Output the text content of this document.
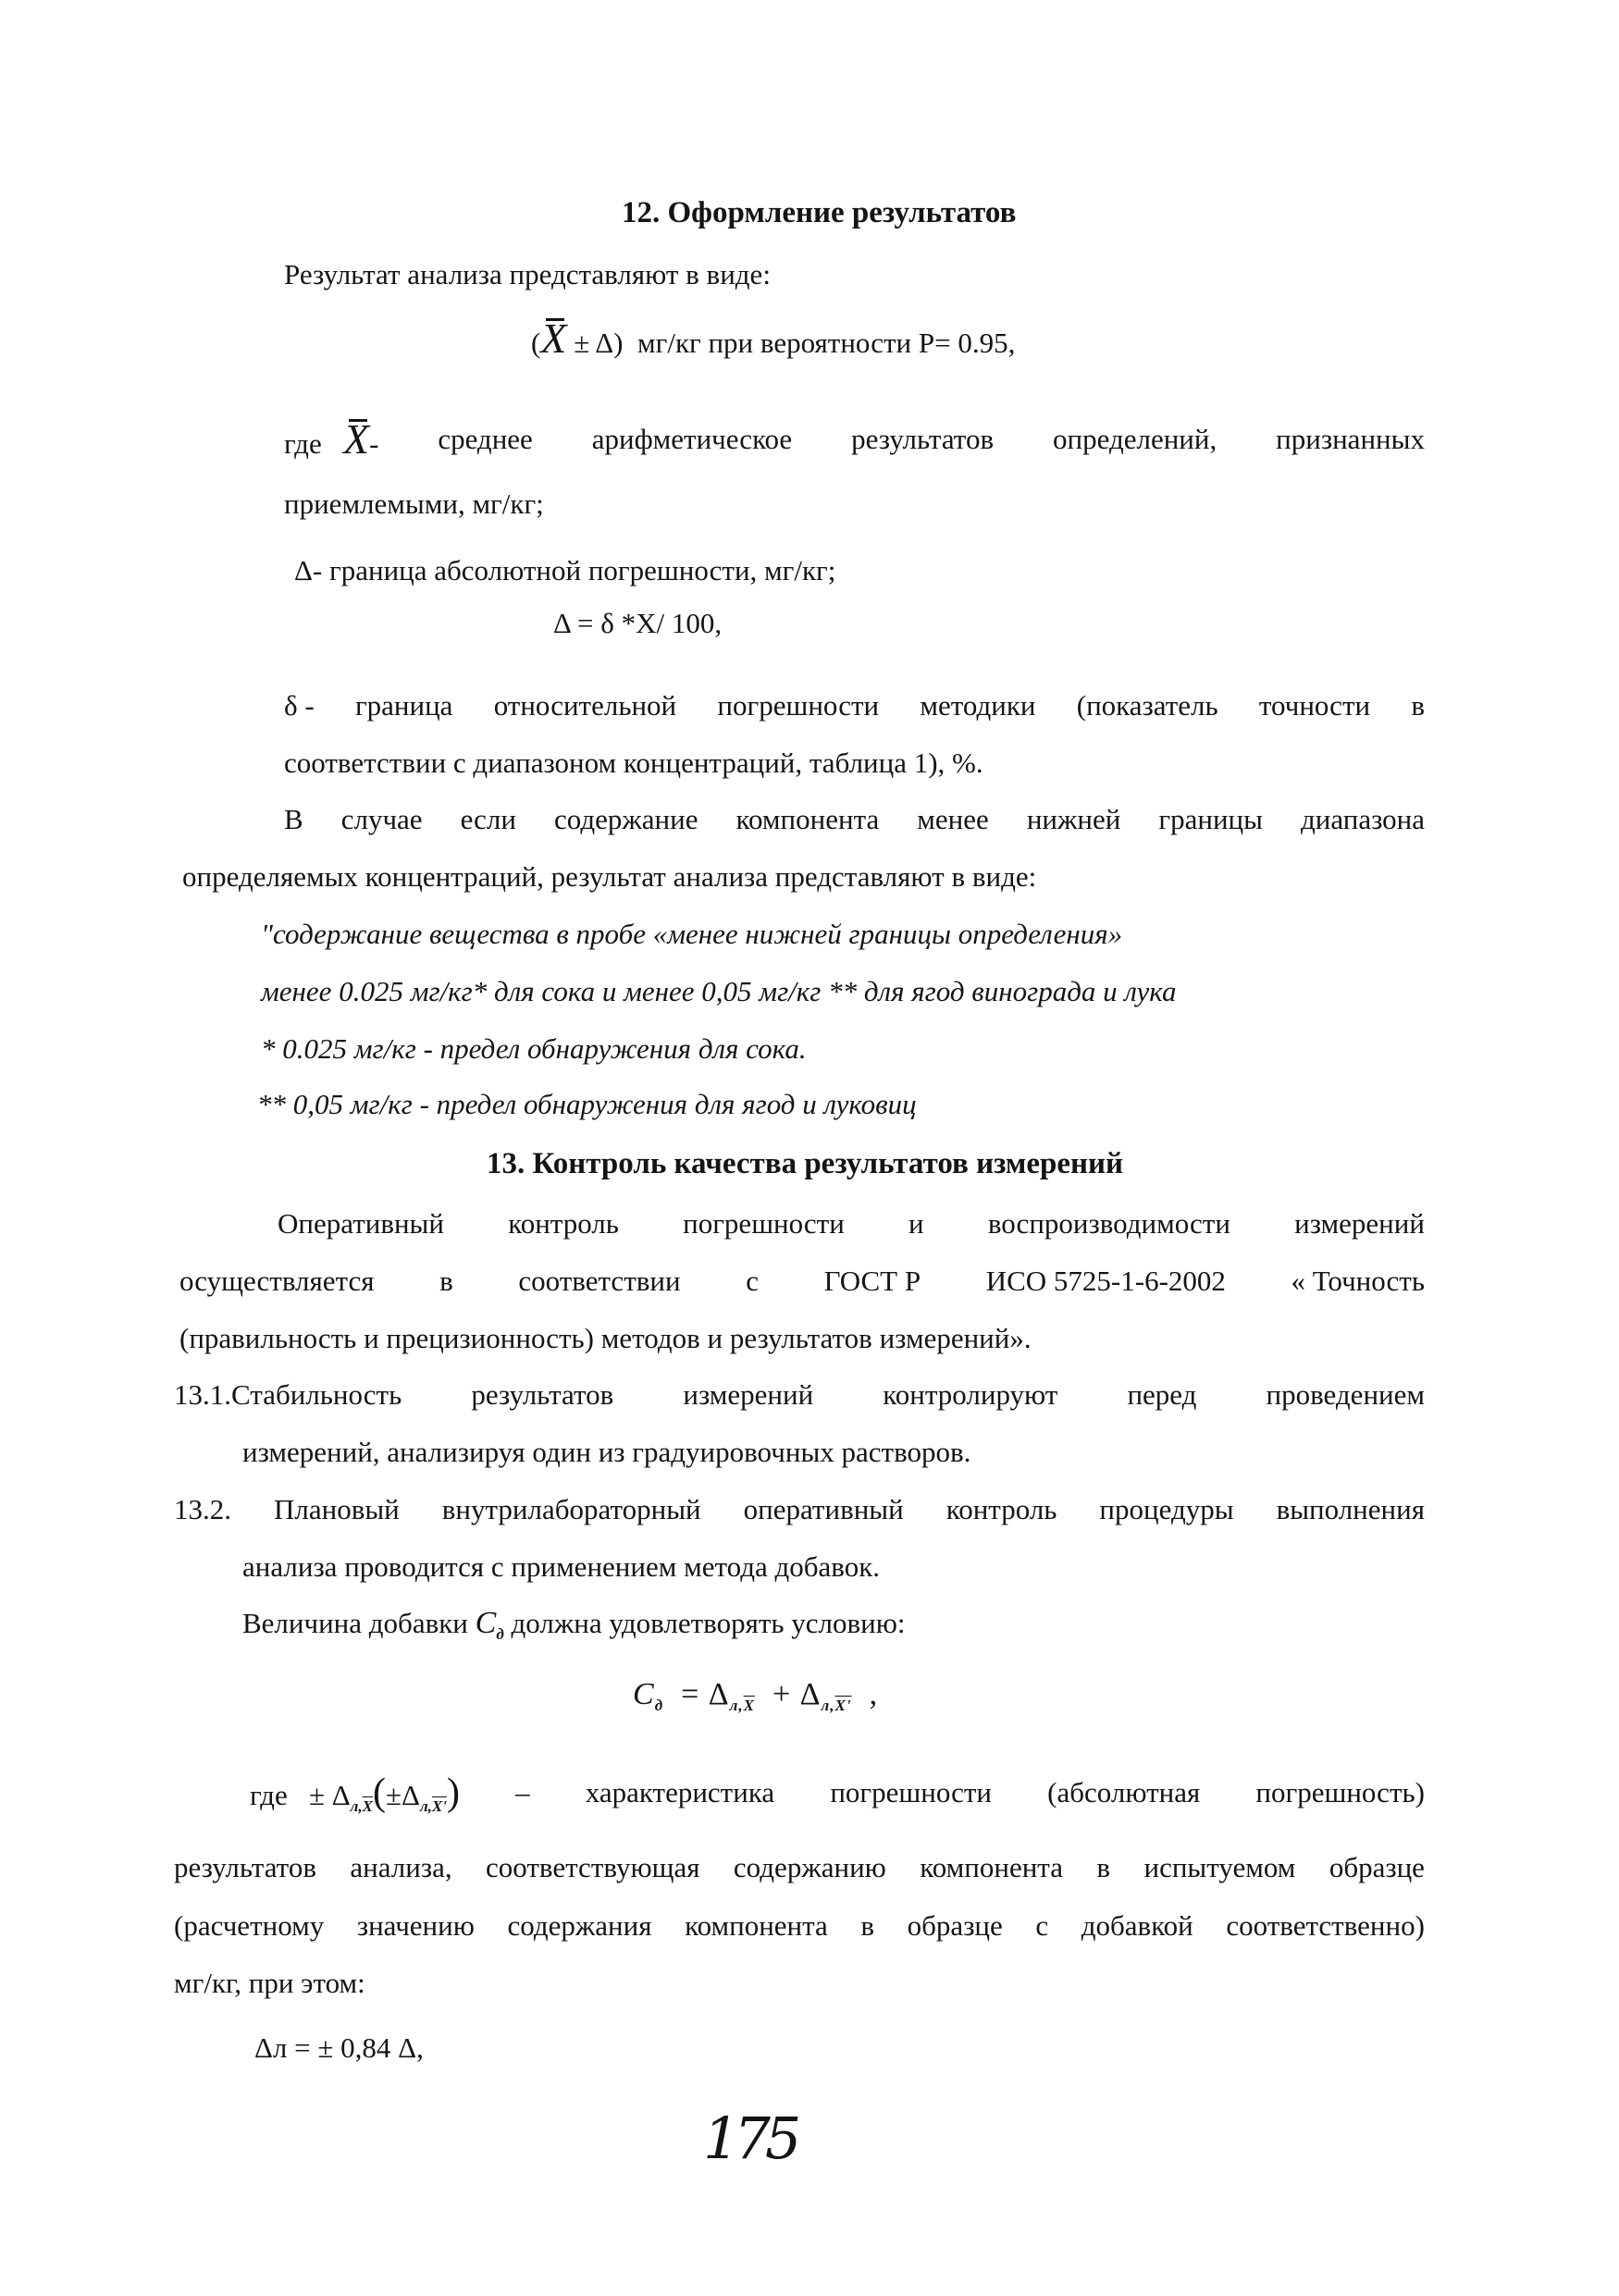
12. Оформление результатов
Результат анализа представляют в виде:
(X ± Δ) мг/кг при вероятности Р= 0.95,
где X- среднее арифметическое результатов определений, признанных
приемлемыми, мг/кг;
Δ- граница абсолютной погрешности, мг/кг;
Δ = δ *Х/ 100,
δ - граница относительной погрешности методики (показатель точности в
соответствии с диапазоном концентраций, таблица 1), %.
В случае если содержание компонента менее нижней границы диапазона
определяемых концентраций, результат анализа представляют в виде:
"содержание вещества в пробе «менее нижней границы определения»
менее 0.025 мг/кг* для сока и менее 0,05 мг/кг ** для ягод винограда и лука
* 0.025 мг/кг - предел обнаружения для сока.
** 0,05 мг/кг - предел обнаружения для ягод и луковиц
13. Контроль качества результатов измерений
Оперативный контроль погрешности и воспроизводимости измерений
осуществляется в соответствии с ГОСТ Р ИСО 5725-1-6-2002 « Точность
(правильность и прецизионность) методов и результатов измерений».
13.1.Стабильность результатов измерений контролируют перед проведением
измерений, анализируя один из градуировочных растворов.
13.2. Плановый внутрилабораторный оперативный контроль процедуры выполнения
анализа проводится с применением метода добавок.
Величина добавки $C_д$ должна удовлетворять условию:
$C_д = \Delta_{л,\overline{X}} + \Delta_{л,X'}$ ,
где ± $\Delta_{л,\overline{X}}(\pm\Delta_{л,X'})$ – характеристика погрешности (абсолютная погрешность)
результатов анализа, соответствующая содержанию компонента в испытуемом образце
(расчетному значению содержания компонента в образце с добавкой соответственно)
мг/кг, при этом:
Δл = ± 0,84 Δ,
175
